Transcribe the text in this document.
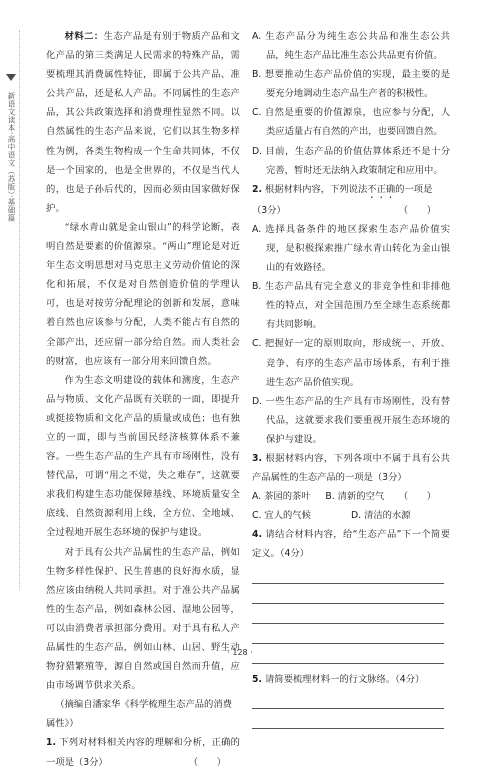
新语文读本·高中语文（苏版）·基础篇

材料二：生态产品是有别于物质产品和文化产品的第三类满足人民需求的特殊产品，需要梳理其消费属性特征，即属于公共产品、准公共产品，还是私人产品。不同属性的生态产品，其公共政策选择和消费理性显然不同。以自然属性的生态产品来说，它们以其生物多样性为例，各类生物构成一个生命共同体，不仅是一个国家的，也是全世界的，不仅是当代人的，也是子孙后代的，因而必须由国家做好保护。

“绿水青山就是金山银山”的科学论断，表明自然是要素的价值源泉。“两山”理论是对近年生态文明思想对马克思主义劳动价值论的深化和拓展，不仅是对自然创造价值的学理认可，也是对按劳分配理论的创新和发展，意味着自然也应该参与分配，人类不能占有自然的全部产出，还应留一部分给自然。而人类社会的财富，也应该有一部分用来回馈自然。

作为生态文明建设的载体和测度，生态产品与物质、文化产品既有关联的一面，即提升或挺接物质和文化产品的质量或成色；也有独立的一面，即与当前国民经济核算体系不兼容。一些生态产品的生产具有市场刚性，没有替代品，可谓“用之不觉，失之难存”，这就要求我们构建生态功能保障基线、环境质量安全底线、自然资源利用上线，全方位、全地域、全过程地开展生态环境的保护与建设。

对于具有公共产品属性的生态产品，例如生物多样性保护、民生普惠的良好海水质，显然应该由纳税人共同承担。对于准公共产品属性的生态产品，例如森林公园、湿地公园等，可以由消费者承担部分费用。对于具有私人产品属性的生态产品，例如山林、山居、野生动物狩猎繁殖等，源自自然或国自然而升值，应由市场调节供求关系。

（摘编自潘家华《科学梳理生态产品的消费属性》）

1. 下列对材料相关内容的理解和分析，正确的一项是（3分）	（　　）

A. 生态产品分为纯生态公共品和准生态公共品，纯生态产品比准生态公共品更有价值。

B. 想要推动生态产品价值的实现，最主要的是要充分地调动生态产品生产者的积极性。

C. 自然是重要的价值源泉，也应参与分配，人类应适量占有自然的产出，也要回馈自然。

D. 目前，生态产品的价值估算体系还不是十分完善，暂时还无法纳入政策制定和应用中。

2. 根据材料内容，下列说法不正确的一项是
（3分）	（　　）

A. 选择具备条件的地区探索生态产品价值实现，是积极探索推广绿水青山转化为金山银山的有效路径。

B. 生态产品具有完全意义的非竞争性和非排他性的特点，对全国范围乃至全球生态系统都有共同影响。

C. 把握好一定的原则取向，形成统一、开放、竞争、有序的生态产品市场体系，有利于推进生态产品价值实现。

D. 一些生态产品的生产具有市场刚性，没有替代品，这就要求我们要重视开展生态环境的保护与建设。

3. 根据材料内容，下列各项中不属于具有公共产品属性的生态产品的一项是（3分）
（　　）

A. 茶园的茶叶	B. 清新的空气
C. 宜人的气候	D. 清洁的水源

4. 请结合材料内容，给“生态产品”下一个简要定义。（4分）

5. 请简要梳理材料一的行文脉络。（4分）

· 128 ·
